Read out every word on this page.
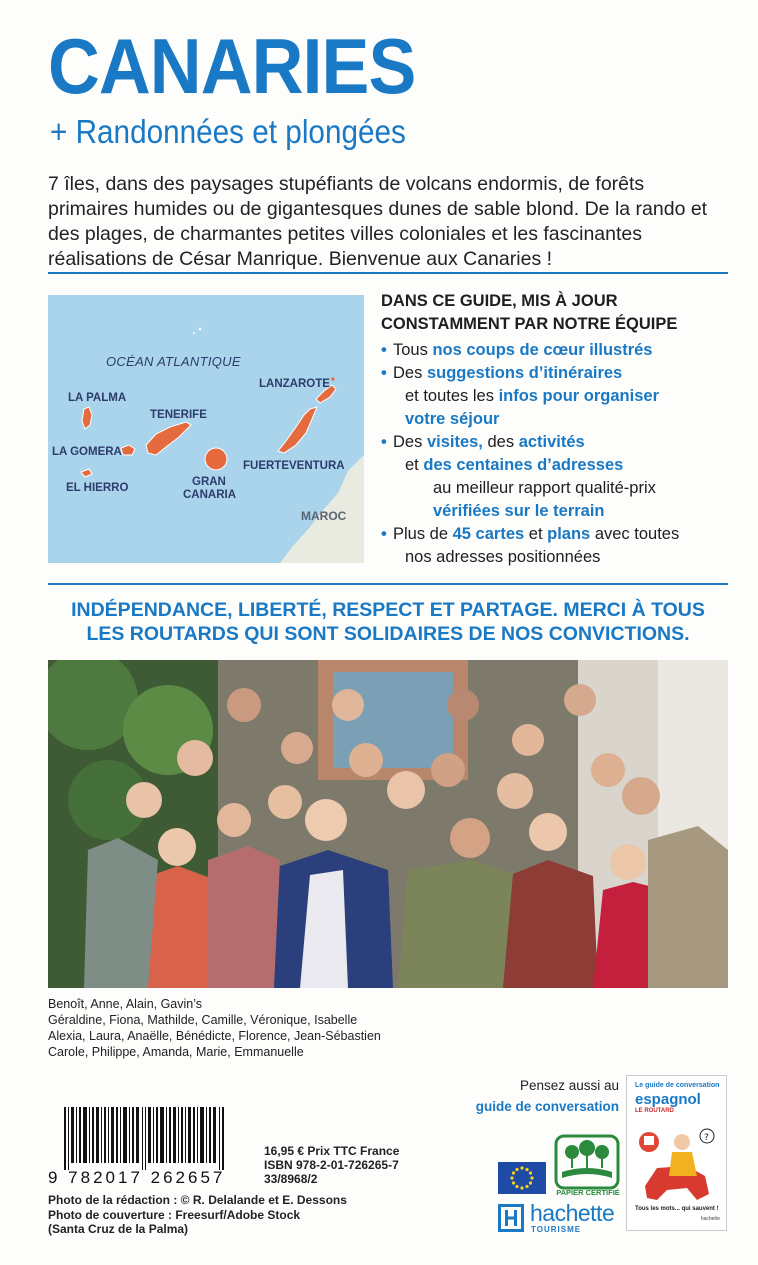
CANARIES
+ Randonnées et plongées

7 îles, dans des paysages stupéfiants de volcans endormis, de forêts primaires humides ou de gigantesques dunes de sable blond. De la rando et des plages, de charmantes petites villes coloniales et les fascinantes réalisations de César Manrique. Bienvenue aux Canaries !

OCÉAN ATLANTIQUE
LA PALMA
TENERIFE
LA GOMERA
EL HIERRO	GRAN
CANARIA
LANZAROTE
FUERTEVENTURA
MAROC
DANS CE GUIDE, MIS À JOUR
CONSTAMMENT PAR NOTRE ÉQUIPE
• Tous nos coups de cœur illustrés
• Des suggestions d’itinéraires
et toutes les infos pour organiser
votre séjour
• Des visites, des activités
et des centaines d’adresses
au meilleur rapport qualité-prix
vérifiées sur le terrain
• Plus de 45 cartes et plans avec toutes
nos adresses positionnées
INDÉPENDANCE, LIBERTÉ, RESPECT ET PARTAGE. MERCI À TOUS
LES ROUTARDS QUI SONT SOLIDAIRES DE NOS CONVICTIONS.
Benoît, Anne, Alain, Gavin’s
Géraldine, Fiona, Mathilde, Camille, Véronique, Isabelle
Alexia, Laura, Anaëlle, Bénédicte, Florence, Jean-Sébastien
Carole, Philippe, Amanda, Marie, Emmanuelle
Pensez aussi au
guide de conversation
Le guide de conversation
espagnol
LE ROUTARD
?
Tous les mots... qui sauvent !
hachette
9 782017 262657
16,95 € Prix TTC France
ISBN 978-2-01-726265-7
33/8968/2
Photo de la rédaction : © R. Delalande et E. Dessons
Photo de couverture : Freesurf/Adobe Stock
(Santa Cruz de la Palma)
PAPIER CERTIFIÉ
hachette
TOURISME
